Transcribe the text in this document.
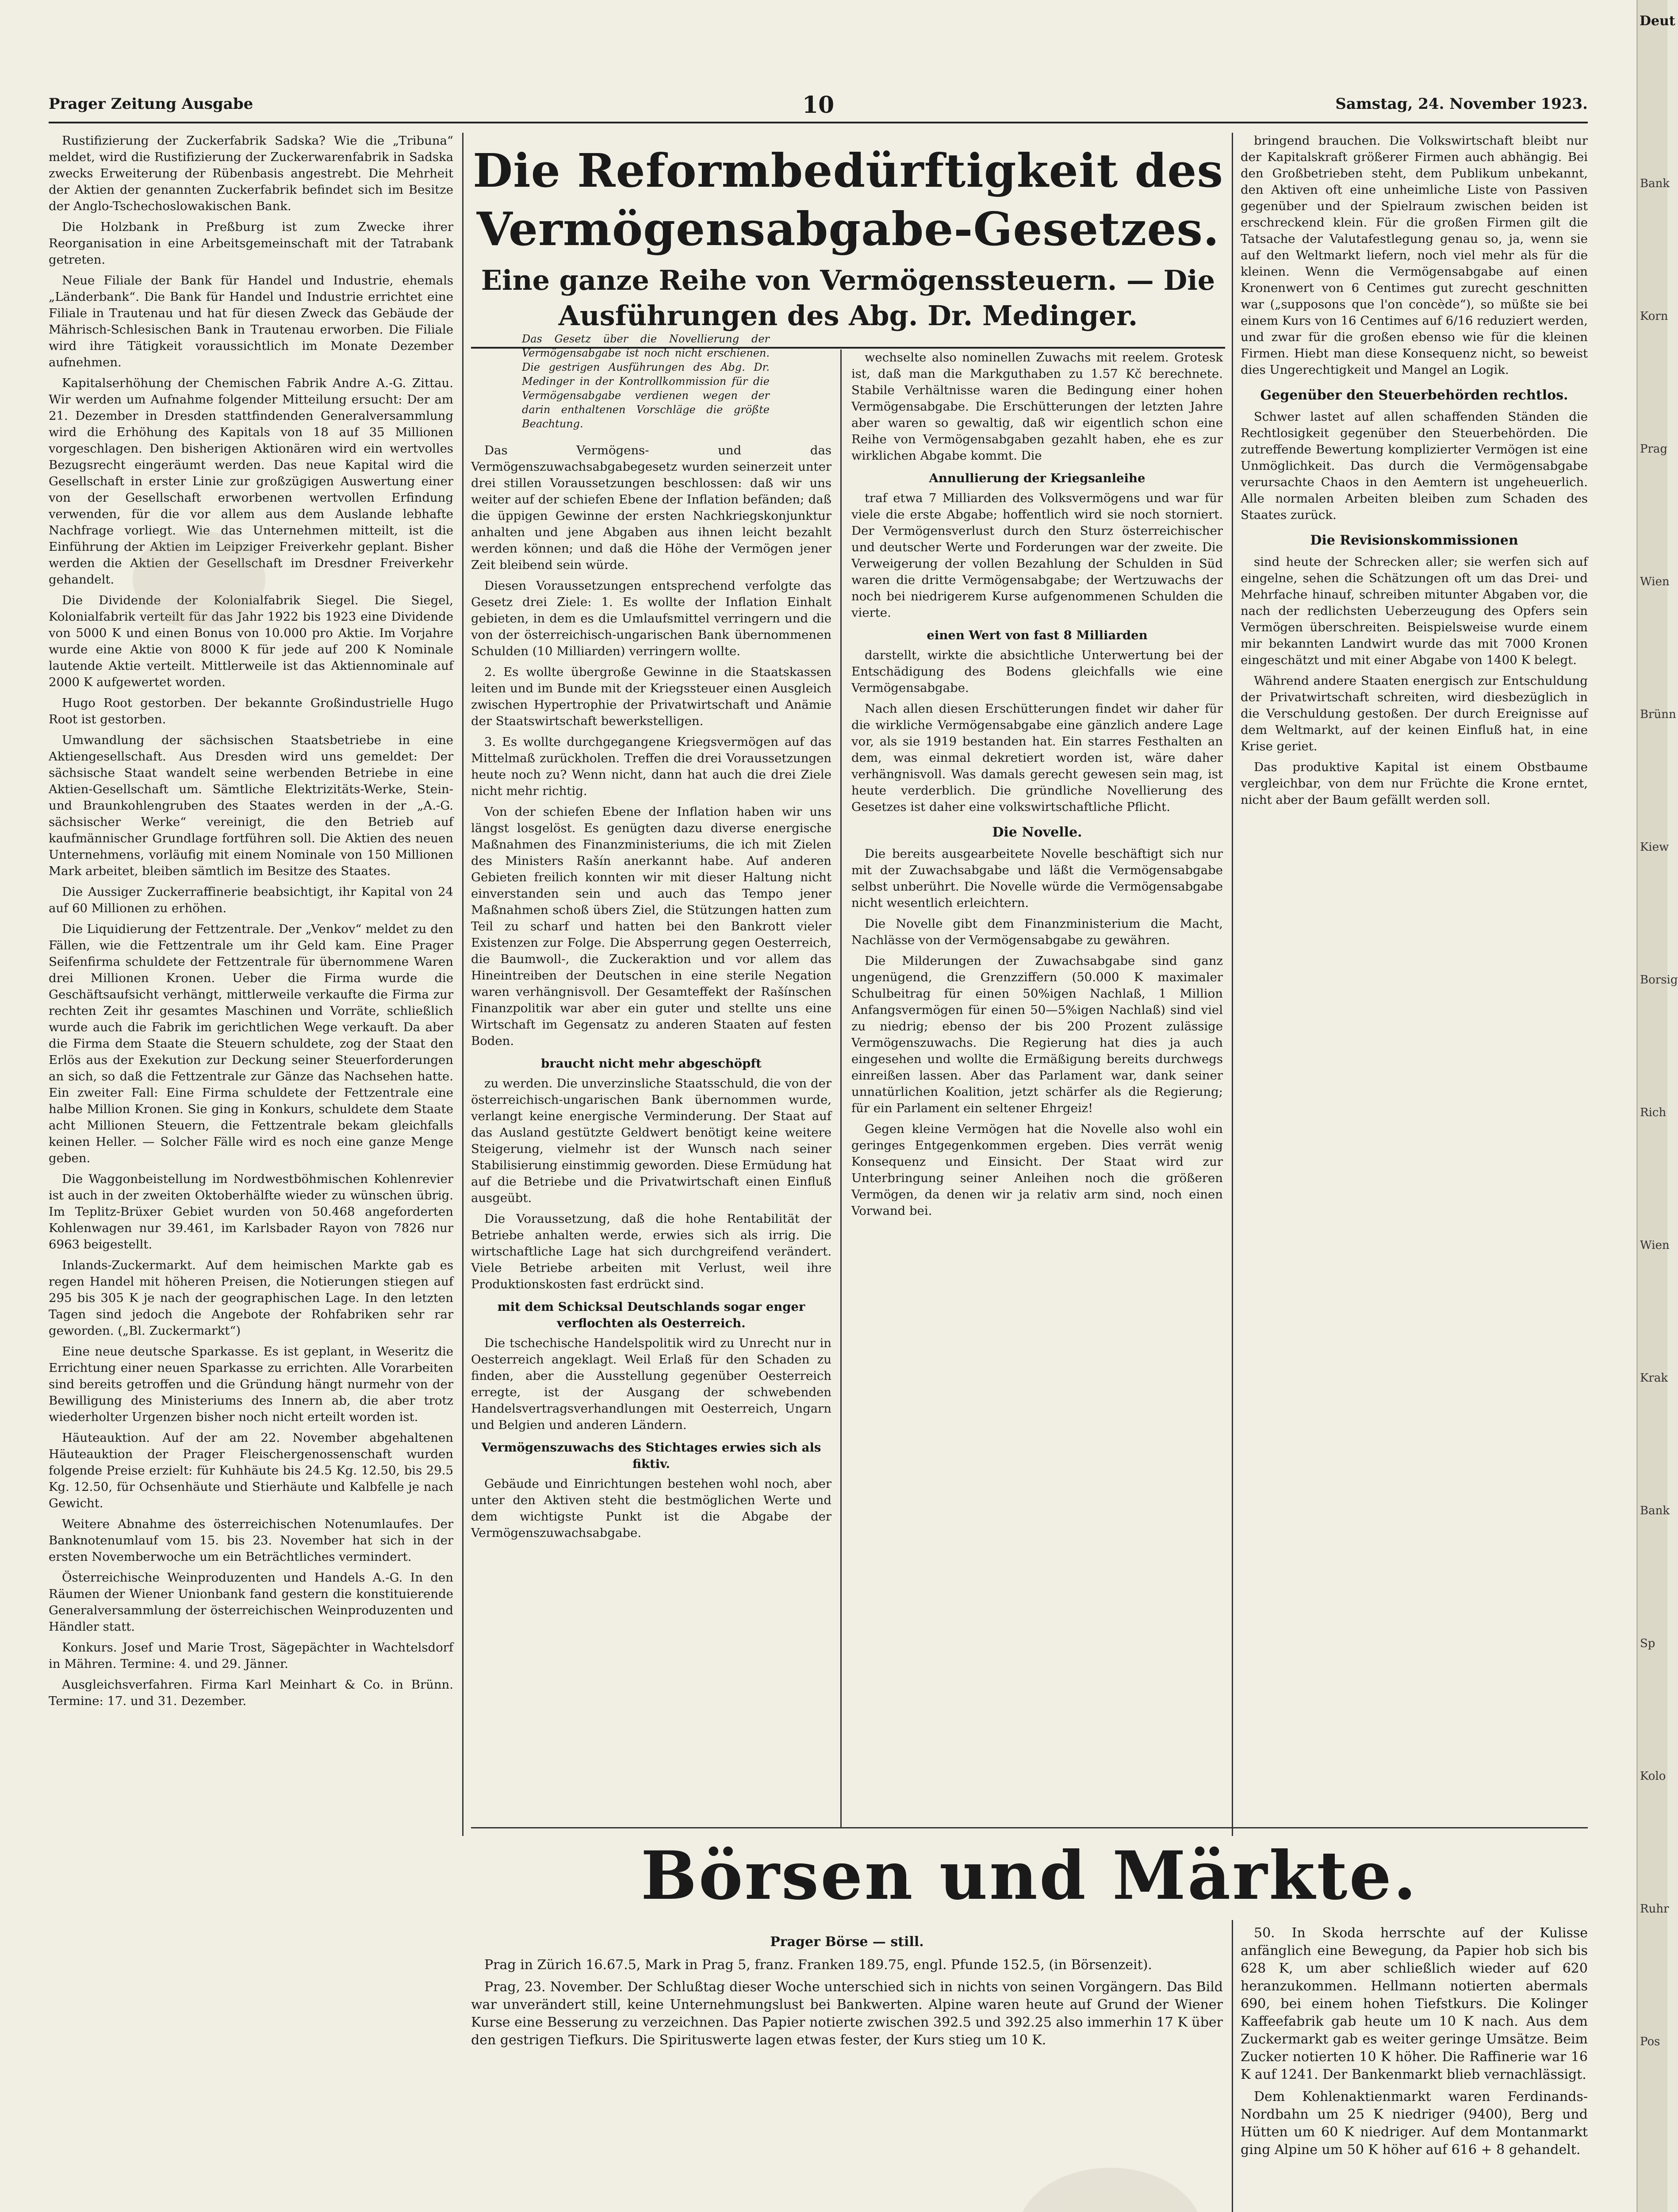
Prager Zeitung Ausgabe	10	Samstag, 24. November 1923.
Die Reformbedürftigkeit des Vermögensabgabe-Gesetzes.
Eine ganze Reihe von Vermögenssteuern. — Die Ausführungen des Abg. Dr. Medinger.

Rustifizierung der Zuckerfabrik Sadska? Wie die „Tribuna“ meldet, wird die Rustifizierung der Zuckerwarenfabrik in Sadska zwecks Erweiterung der Rübenbasis angestrebt. Die Mehrheit der Aktien der genannten Zuckerfabrik befindet sich im Besitze der Anglo-Tschechoslowakischen Bank.

Die Holzbank in Preßburg ist zum Zwecke ihrer Reorganisation in eine Arbeitsgemeinschaft mit der Tatrabank getreten.

Neue Filiale der Bank für Handel und Industrie, ehemals „Länderbank“. Die Bank für Handel und Industrie errichtet eine Filiale in Trautenau und hat für diesen Zweck das Gebäude der Mährisch-Schlesischen Bank in Trautenau erworben. Die Filiale wird ihre Tätigkeit voraussichtlich im Monate Dezember aufnehmen.

Kapitalserhöhung der Chemischen Fabrik Andre A.-G. Zittau. Wir werden um Aufnahme folgender Mitteilung ersucht: Der am 21. Dezember in Dresden stattfindenden Generalversammlung wird die Erhöhung des Kapitals von 18 auf 35 Millionen vorgeschlagen. Den bisherigen Aktionären wird ein wertvolles Bezugsrecht eingeräumt werden. Das neue Kapital wird die Gesellschaft in erster Linie zur großzügigen Auswertung einer von der Gesellschaft erworbenen wertvollen Erfindung verwenden, für die vor allem aus dem Auslande lebhafte Nachfrage vorliegt. Wie das Unternehmen mitteilt, ist die Einführung der Aktien im Leipziger Freiverkehr geplant. Bisher werden die Aktien der Gesellschaft im Dresdner Freiverkehr gehandelt.

Die Dividende der Kolonialfabrik Siegel. Die Siegel, Kolonialfabrik verteilt für das Jahr 1922 bis 1923 eine Dividende von 5000 K und einen Bonus von 10.000 pro Aktie. Im Vorjahre wurde eine Aktie von 8000 K für jede auf 200 K Nominale lautende Aktie verteilt. Mittlerweile ist das Aktiennominale auf 2000 K aufgewertet worden.

Hugo Root gestorben. Der bekannte Großindustrielle Hugo Root ist gestorben.

Umwandlung der sächsischen Staatsbetriebe in eine Aktiengesellschaft. Aus Dresden wird uns gemeldet: Der sächsische Staat wandelt seine werbenden Betriebe in eine Aktien-Gesellschaft um. Sämtliche Elektrizitäts-Werke, Stein- und Braunkohlengruben des Staates werden in der „A.-G. sächsischer Werke“ vereinigt, die den Betrieb auf kaufmännischer Grundlage fortführen soll. Die Aktien des neuen Unternehmens, vorläufig mit einem Nominale von 150 Millionen Mark arbeitet, bleiben sämtlich im Besitze des Staates.

Die Aussiger Zuckerraffinerie beabsichtigt, ihr Kapital von 24 auf 60 Millionen zu erhöhen.

Die Liquidierung der Fettzentrale. Der „Venkov“ meldet zu den Fällen, wie die Fettzentrale um ihr Geld kam. Eine Prager Seifenfirma schuldete der Fettzentrale für übernommene Waren drei Millionen Kronen. Ueber die Firma wurde die Geschäftsaufsicht verhängt, mittlerweile verkaufte die Firma zur rechten Zeit ihr gesamtes Maschinen und Vorräte, schließlich wurde auch die Fabrik im gerichtlichen Wege verkauft. Da aber die Firma dem Staate die Steuern schuldete, zog der Staat den Erlös aus der Exekution zur Deckung seiner Steuerforderungen an sich, so daß die Fettzentrale zur Gänze das Nachsehen hatte. Ein zweiter Fall: Eine Firma schuldete der Fettzentrale eine halbe Million Kronen. Sie ging in Konkurs, schuldete dem Staate acht Millionen Steuern, die Fettzentrale bekam gleichfalls keinen Heller. — Solcher Fälle wird es noch eine ganze Menge geben.

Die Waggonbeistellung im Nordwestböhmischen Kohlenrevier ist auch in der zweiten Oktoberhälfte wieder zu wünschen übrig. Im Teplitz-Brüxer Gebiet wurden von 50.468 angeforderten Kohlenwagen nur 39.461, im Karlsbader Rayon von 7826 nur 6963 beigestellt.

Inlands-Zuckermarkt. Auf dem heimischen Markte gab es regen Handel mit höheren Preisen, die Notierungen stiegen auf 295 bis 305 K je nach der geographischen Lage. In den letzten Tagen sind jedoch die Angebote der Rohfabriken sehr rar geworden. („Bl. Zuckermarkt“)

Eine neue deutsche Sparkasse. Es ist geplant, in Weseritz die Errichtung einer neuen Sparkasse zu errichten. Alle Vorarbeiten sind bereits getroffen und die Gründung hängt nurmehr von der Bewilligung des Ministeriums des Innern ab, die aber trotz wiederholter Urgenzen bisher noch nicht erteilt worden ist.

Häuteauktion. Auf der am 22. November abgehaltenen Häuteauktion der Prager Fleischergenossenschaft wurden folgende Preise erzielt: für Kuhhäute bis 24.5 Kg. 12.50, bis 29.5 Kg. 12.50, für Ochsenhäute und Stierhäute und Kalbfelle je nach Gewicht.

Weitere Abnahme des österreichischen Notenumlaufes. Der Banknotenumlauf vom 15. bis 23. November hat sich in der ersten Novemberwoche um ein Beträchtliches vermindert.

Österreichische Weinproduzenten und Handels A.-G. In den Räumen der Wiener Unionbank fand gestern die konstituierende Generalversammlung der österreichischen Weinproduzenten und Händler statt.

Konkurs. Josef und Marie Trost, Sägepächter in Wachtelsdorf in Mähren. Termine: 4. und 29. Jänner.

Ausgleichsverfahren. Firma Karl Meinhart & Co. in Brünn. Termine: 17. und 31. Dezember.

Das Gesetz über die Novellierung der Vermögensabgabe ist noch nicht erschienen. Die gestrigen Ausführungen des Abg. Dr. Medinger in der Kontrollkommission für die Vermögensabgabe verdienen wegen der darin enthaltenen Vorschläge die größte Beachtung.

Das Vermögens- und das Vermögenszuwachsabgabegesetz wurden seinerzeit unter drei stillen Voraussetzungen beschlossen: daß wir uns weiter auf der schiefen Ebene der Inflation befänden; daß die üppigen Gewinne der ersten Nachkriegskonjunktur anhalten und jene Abgaben aus ihnen leicht bezahlt werden können; und daß die Höhe der Vermögen jener Zeit bleibend sein würde.

Diesen Voraussetzungen entsprechend verfolgte das Gesetz drei Ziele: 1. Es wollte der Inflation Einhalt gebieten, in dem es die Umlaufsmittel verringern und die von der österreichisch-ungarischen Bank übernommenen Schulden (10 Milliarden) verringern wollte.

2. Es wollte übergroße Gewinne in die Staatskassen leiten und im Bunde mit der Kriegssteuer einen Ausgleich zwischen Hypertrophie der Privatwirtschaft und Anämie der Staatswirtschaft bewerkstelligen.

3. Es wollte durchgegangene Kriegsvermögen auf das Mittelmaß zurückholen. Treffen die drei Voraussetzungen heute noch zu? Wenn nicht, dann hat auch die drei Ziele nicht mehr richtig.

Von der schiefen Ebene der Inflation haben wir uns längst losgelöst. Es genügten dazu diverse energische Maßnahmen des Finanzministeriums, die ich mit Zielen des Ministers Rašín anerkannt habe. Auf anderen Gebieten freilich konnten wir mit dieser Haltung nicht einverstanden sein und auch das Tempo jener Maßnahmen schoß übers Ziel, die Stützungen hatten zum Teil zu scharf und hatten bei den Bankrott vieler Existenzen zur Folge. Die Absperrung gegen Oesterreich, die Baumwoll-, die Zuckeraktion und vor allem das Hineintreiben der Deutschen in eine sterile Negation waren verhängnisvoll. Der Gesamteffekt der Rašínschen Finanzpolitik war aber ein guter und stellte uns eine Wirtschaft im Gegensatz zu anderen Staaten auf festen Boden.

braucht nicht mehr abgeschöpft

zu werden. Die unverzinsliche Staatsschuld, die von der österreichisch-ungarischen Bank übernommen wurde, verlangt keine energische Verminderung. Der Staat auf das Ausland gestützte Geldwert benötigt keine weitere Steigerung, vielmehr ist der Wunsch nach seiner Stabilisierung einstimmig geworden. Diese Ermüdung hat auf die Betriebe und die Privatwirtschaft einen Einfluß ausgeübt.

Die Voraussetzung, daß die hohe Rentabilität der Betriebe anhalten werde, erwies sich als irrig. Die wirtschaftliche Lage hat sich durchgreifend verändert. Viele Betriebe arbeiten mit Verlust, weil ihre Produktionskosten fast erdrückt sind.

mit dem Schicksal Deutschlands sogar enger verflochten als Oesterreich.

Die tschechische Handelspolitik wird zu Unrecht nur in Oesterreich angeklagt. Weil Erlaß für den Schaden zu finden, aber die Ausstellung gegenüber Oesterreich erregte, ist der Ausgang der schwebenden Handelsvertragsverhandlungen mit Oesterreich, Ungarn und Belgien und anderen Ländern.

Vermögenszuwachs des Stichtages erwies sich als fiktiv.

Gebäude und Einrichtungen bestehen wohl noch, aber unter den Aktiven steht die bestmöglichen Werte und dem wichtigste Punkt ist die Abgabe der Vermögenszuwachsabgabe.

wechselte also nominellen Zuwachs mit reelem. Grotesk ist, daß man die Markguthaben zu 1.57 Kč berechnete. Stabile Verhältnisse waren die Bedingung einer hohen Vermögensabgabe. Die Erschütterungen der letzten Jahre aber waren so gewaltig, daß wir eigentlich schon eine Reihe von Vermögensabgaben gezahlt haben, ehe es zur wirklichen Abgabe kommt. Die

Annullierung der Kriegsanleihe

traf etwa 7 Milliarden des Volksvermögens und war für viele die erste Abgabe; hoffentlich wird sie noch storniert. Der Vermögensverlust durch den Sturz österreichischer und deutscher Werte und Forderungen war der zweite. Die Verweigerung der vollen Bezahlung der Schulden in Süd waren die dritte Vermögensabgabe; der Wertzuwachs der noch bei niedrigerem Kurse aufgenommenen Schulden die vierte.

einen Wert von fast 8 Milliarden

darstellt, wirkte die absichtliche Unterwertung bei der Entschädigung des Bodens gleichfalls wie eine Vermögensabgabe.

Nach allen diesen Erschütterungen findet wir daher für die wirkliche Vermögensabgabe eine gänzlich andere Lage vor, als sie 1919 bestanden hat. Ein starres Festhalten an dem, was einmal dekretiert worden ist, wäre daher verhängnisvoll. Was damals gerecht gewesen sein mag, ist heute verderblich. Die gründliche Novellierung des Gesetzes ist daher eine volkswirtschaftliche Pflicht.

Die Novelle.

Die bereits ausgearbeitete Novelle beschäftigt sich nur mit der Zuwachsabgabe und läßt die Vermögensabgabe selbst unberührt. Die Novelle würde die Vermögensabgabe nicht wesentlich erleichtern.

Die Novelle gibt dem Finanzministerium die Macht, Nachlässe von der Vermögensabgabe zu gewähren.

Die Milderungen der Zuwachsabgabe sind ganz ungenügend, die Grenzziffern (50.000 K maximaler Schulbeitrag für einen 50%igen Nachlaß, 1 Million Anfangsvermögen für einen 50—5%igen Nachlaß) sind viel zu niedrig; ebenso der bis 200 Prozent zulässige Vermögenszuwachs. Die Regierung hat dies ja auch eingesehen und wollte die Ermäßigung bereits durchwegs einreißen lassen. Aber das Parlament war, dank seiner unnatürlichen Koalition, jetzt schärfer als die Regierung; für ein Parlament ein seltener Ehrgeiz!

Gegen kleine Vermögen hat die Novelle also wohl ein geringes Entgegenkommen ergeben. Dies verrät wenig Konsequenz und Einsicht. Der Staat wird zur Unterbringung seiner Anleihen noch die größeren Vermögen, da denen wir ja relativ arm sind, noch einen Vorwand bei.

bringend brauchen. Die Volkswirtschaft bleibt nur der Kapitalskraft größerer Firmen auch abhängig. Bei den Großbetrieben steht, dem Publikum unbekannt, den Aktiven oft eine unheimliche Liste von Passiven gegenüber und der Spielraum zwischen beiden ist erschreckend klein. Für die großen Firmen gilt die Tatsache der Valutafestlegung genau so, ja, wenn sie auf den Weltmarkt liefern, noch viel mehr als für die kleinen. Wenn die Vermögensabgabe auf einen Kronenwert von 6 Centimes gut zurecht geschnitten war („supposons que l'on concède“), so müßte sie bei einem Kurs von 16 Centimes auf 6/16 reduziert werden, und zwar für die großen ebenso wie für die kleinen Firmen. Hiebt man diese Konsequenz nicht, so beweist dies Ungerechtigkeit und Mangel an Logik.

Gegenüber den Steuerbehörden rechtlos.

Schwer lastet auf allen schaffenden Ständen die Rechtlosigkeit gegenüber den Steuerbehörden. Die zutreffende Bewertung komplizierter Vermögen ist eine Unmöglichkeit. Das durch die Vermögensabgabe verursachte Chaos in den Aemtern ist ungeheuerlich. Alle normalen Arbeiten bleiben zum Schaden des Staates zurück.

Die Revisionskommissionen

sind heute der Schrecken aller; sie werfen sich auf eingelne, sehen die Schätzungen oft um das Drei- und Mehrfache hinauf, schreiben mitunter Abgaben vor, die nach der redlichsten Ueberzeugung des Opfers sein Vermögen überschreiten. Beispielsweise wurde einem mir bekannten Landwirt wurde das mit 7000 Kronen eingeschätzt und mit einer Abgabe von 1400 K belegt.

Während andere Staaten energisch zur Entschuldung der Privatwirtschaft schreiten, wird diesbezüglich in die Verschuldung gestoßen. Der durch Ereignisse auf dem Weltmarkt, auf der keinen Einfluß hat, in eine Krise geriet.

Das produktive Kapital ist einem Obstbaume vergleichbar, von dem nur Früchte die Krone erntet, nicht aber der Baum gefällt werden soll.

Börsen und Märkte.

Prager Börse — still.

Prag in Zürich 16.67.5, Mark in Prag 5, franz. Franken 189.75, engl. Pfunde 152.5, (in Börsenzeit).

Prag, 23. November. Der Schlußtag dieser Woche unterschied sich in nichts von seinen Vorgängern. Das Bild war unverändert still, keine Unternehmungslust bei Bankwerten. Alpine waren heute auf Grund der Wiener Kurse eine Besserung zu verzeichnen. Das Papier notierte zwischen 392.5 und 392.25 also immerhin 17 K über den gestrigen Tiefkurs. Die Spirituswerte lagen etwas fester, der Kurs stieg um 10 K.

50. In Skoda herrschte auf der Kulisse anfänglich eine Bewegung, da Papier hob sich bis 628 K, um aber schließlich wieder auf 620 heranzukommen. Hellmann notierten abermals 690, bei einem hohen Tiefstkurs. Die Kolinger Kaffeefabrik gab heute um 10 K nach. Aus dem Zuckermarkt gab es weiter geringe Umsätze. Beim Zucker notierten 10 K höher. Die Raffinerie war 16 K auf 1241. Der Bankenmarkt blieb vernachlässigt.

Dem Kohlenaktienmarkt waren Ferdinands-Nordbahn um 25 K niedriger (9400), Berg und Hütten um 60 K niedriger. Auf dem Montanmarkt ging Alpine um 50 K höher auf 616 + 8 gehandelt.

Deut
Bank
Korn
Prag
Wien
Brünn
Kiew
Borsig
Rich
Wien
Krak
Bank
Sp
Kolo
Ruhr
Pos
